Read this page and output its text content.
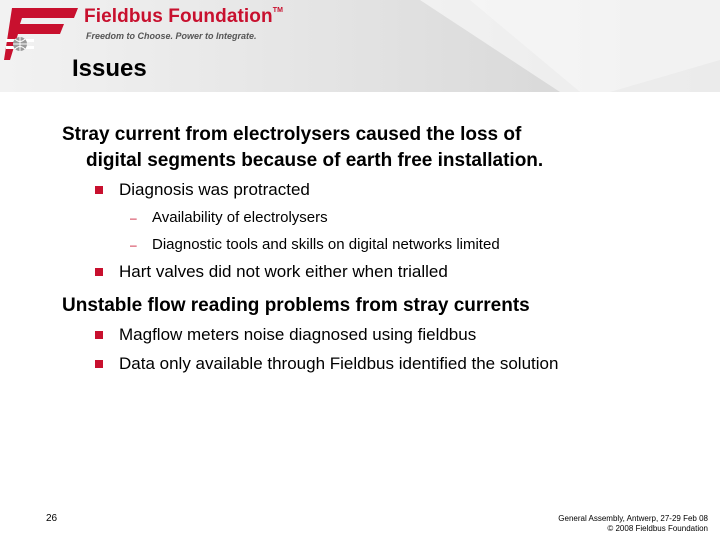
Fieldbus Foundation™
Freedom to Choose. Power to Integrate.
Issues
Stray current from electrolysers caused the loss of
digital segments because of earth free installation.
Diagnosis was protracted
–	Availability of electrolysers
–	Diagnostic tools and skills on digital networks limited
Hart valves did not work either when trialled
Unstable flow reading problems from stray currents
Magflow meters noise diagnosed using fieldbus
Data only available through Fieldbus identified the solution
26	General Assembly, Antwerp, 27-29 Feb 08
© 2008 Fieldbus Foundation
